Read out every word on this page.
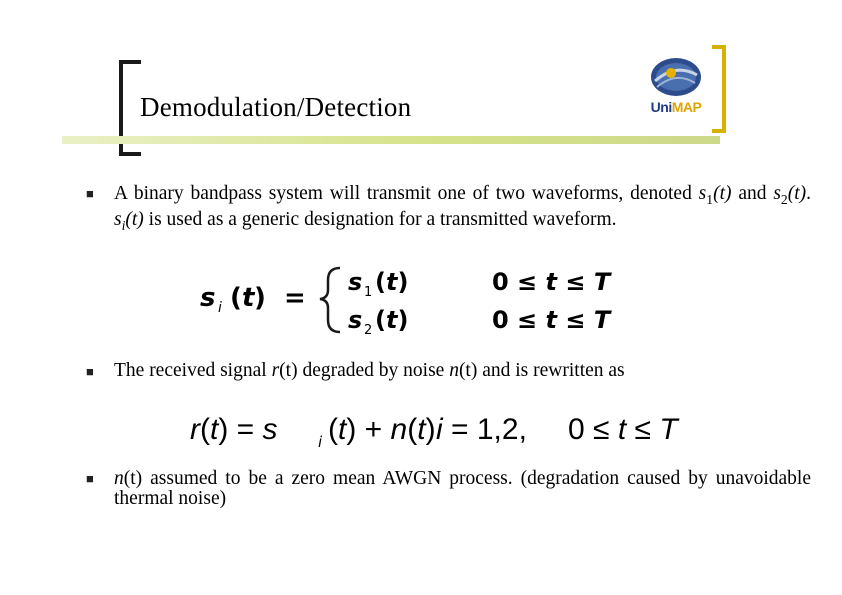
Demodulation/Detection	UniMAP
■ A binary bandpass system will transmit one of two waveforms, denoted $s_1(t)$ and $s_2(t)$. $s_i(t)$ is used as a generic designation for a transmitted waveform.
s i ( t ) =
s 1 (t)
s 2 (t)
0 ≤ t ≤ T
0 ≤ t ≤ T
■ The received signal r(t) degraded by noise n(t) and is rewritten as
r(t) = s	i (t) + n(t) i = 1,2, 0 ≤ t ≤ T
■ n(t) assumed to be a zero mean AWGN process. (degradation caused by unavoidable thermal noise)
